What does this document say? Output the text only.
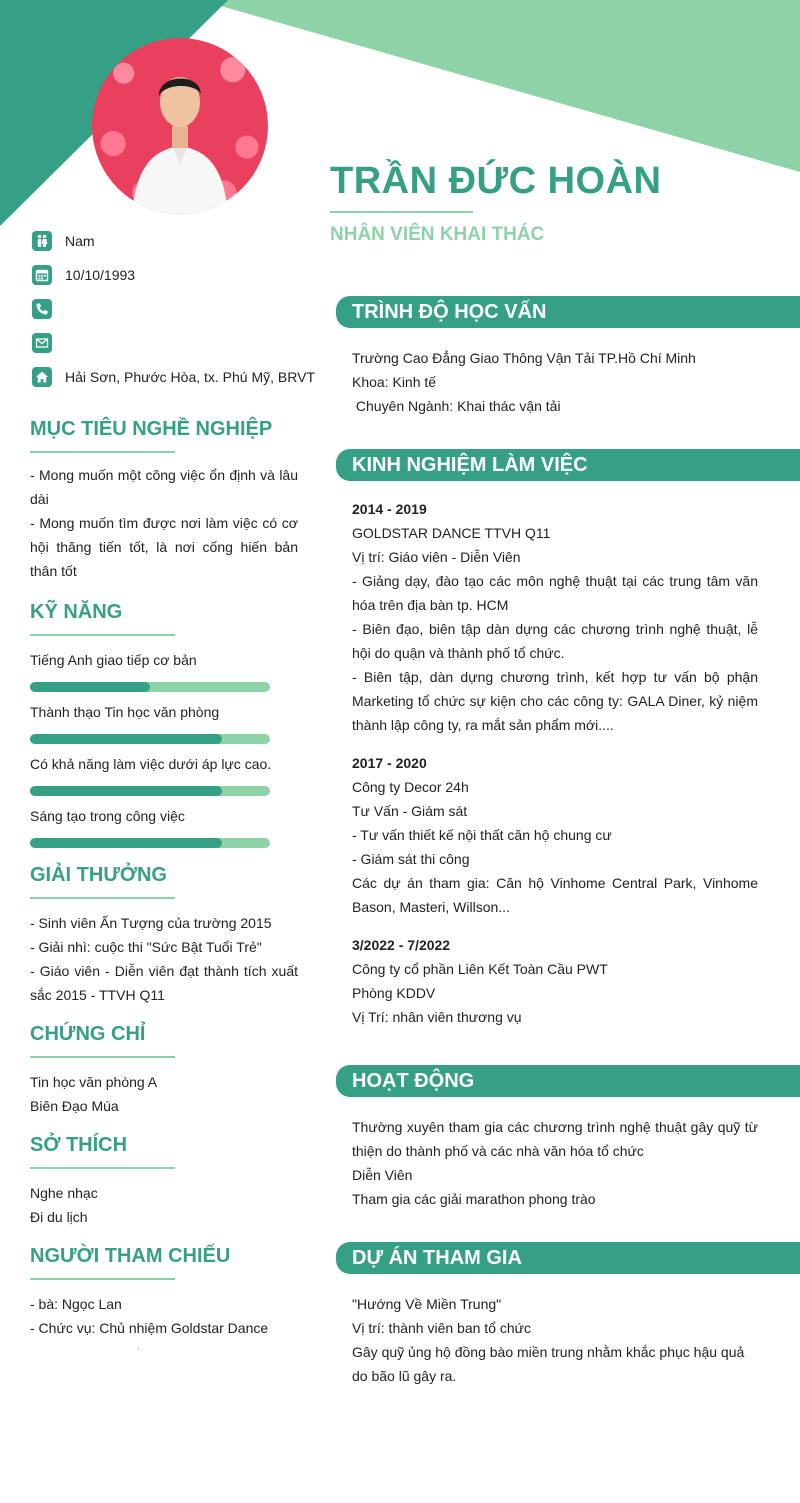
TRẦN ĐỨC HOÀN
NHÂN VIÊN KHAI THÁC
Nam
10/10/1993
Hải Sơn, Phước Hòa, tx. Phú Mỹ, BRVT
MỤC TIÊU NGHỀ NGHIỆP
- Mong muốn một công việc ổn định và lâu dài
- Mong muốn tìm được nơi làm việc có cơ hội thăng tiến tốt, là nơi cống hiến bản thân tốt
KỸ NĂNG
Tiếng Anh giao tiếp cơ bản
Thành thạo Tin học văn phòng
Có khả năng làm việc dưới áp lực cao.
Sáng tạo trong công việc
GIẢI THƯỞNG
- Sinh viên Ấn Tượng của trường 2015
- Giải nhì: cuộc thi "Sức Bật Tuổi Trẻ"
- Giáo viên - Diễn viên đạt thành tích xuất sắc 2015 - TTVH Q11
CHỨNG CHỈ
Tin học văn phòng A
Biên Đạo Múa
SỞ THÍCH
Nghe nhạc
Đi du lịch
NGƯỜI THAM CHIẾU
- bà: Ngọc Lan
- Chức vụ: Chủ nhiệm Goldstar Dance
TRÌNH ĐỘ HỌC VẤN
Trường Cao Đẳng Giao Thông Vận Tải TP.Hồ Chí Minh
Khoa: Kinh tế
Chuyên Ngành: Khai thác vận tải
KINH NGHIỆM LÀM VIỆC
2014 - 2019
GOLDSTAR DANCE TTVH Q11
Vị trí: Giáo viên - Diễn Viên
- Giảng dạy, đào tạo các môn nghệ thuật tại các trung tâm văn hóa trên địa bàn tp. HCM
- Biên đạo, biên tập dàn dựng các chương trình nghệ thuật, lễ hội do quận và thành phố tổ chức.
- Biên tập, dàn dựng chương trình, kết hợp tư vấn bộ phận Marketing tổ chức sự kiện cho các công ty: GALA Diner, kỷ niệm thành lập công ty, ra mắt sản phẩm mới....
2017 - 2020
Công ty Decor 24h
Tư Vấn - Giám sát
- Tư vấn thiết kế nội thất căn hộ chung cư
- Giám sát thi công
Các dự án tham gia: Căn hộ Vinhome Central Park, Vinhome Bason, Masteri, Willson...
3/2022 - 7/2022
Công ty cổ phần Liên Kết Toàn Cầu PWT
Phòng KDDV
Vị Trí: nhân viên thương vụ
HOẠT ĐỘNG
Thường xuyên tham gia các chương trình nghệ thuật gây quỹ từ thiện do thành phố và các nhà văn hóa tổ chức
Diễn Viên
Tham gia các giải marathon phong trào
DỰ ÁN THAM GIA
"Hướng Về Miền Trung"
Vị trí: thành viên ban tổ chức
Gây quỹ ủng hộ đồng bào miền trung nhằm khắc phục hậu quả do bão lũ gây ra.
